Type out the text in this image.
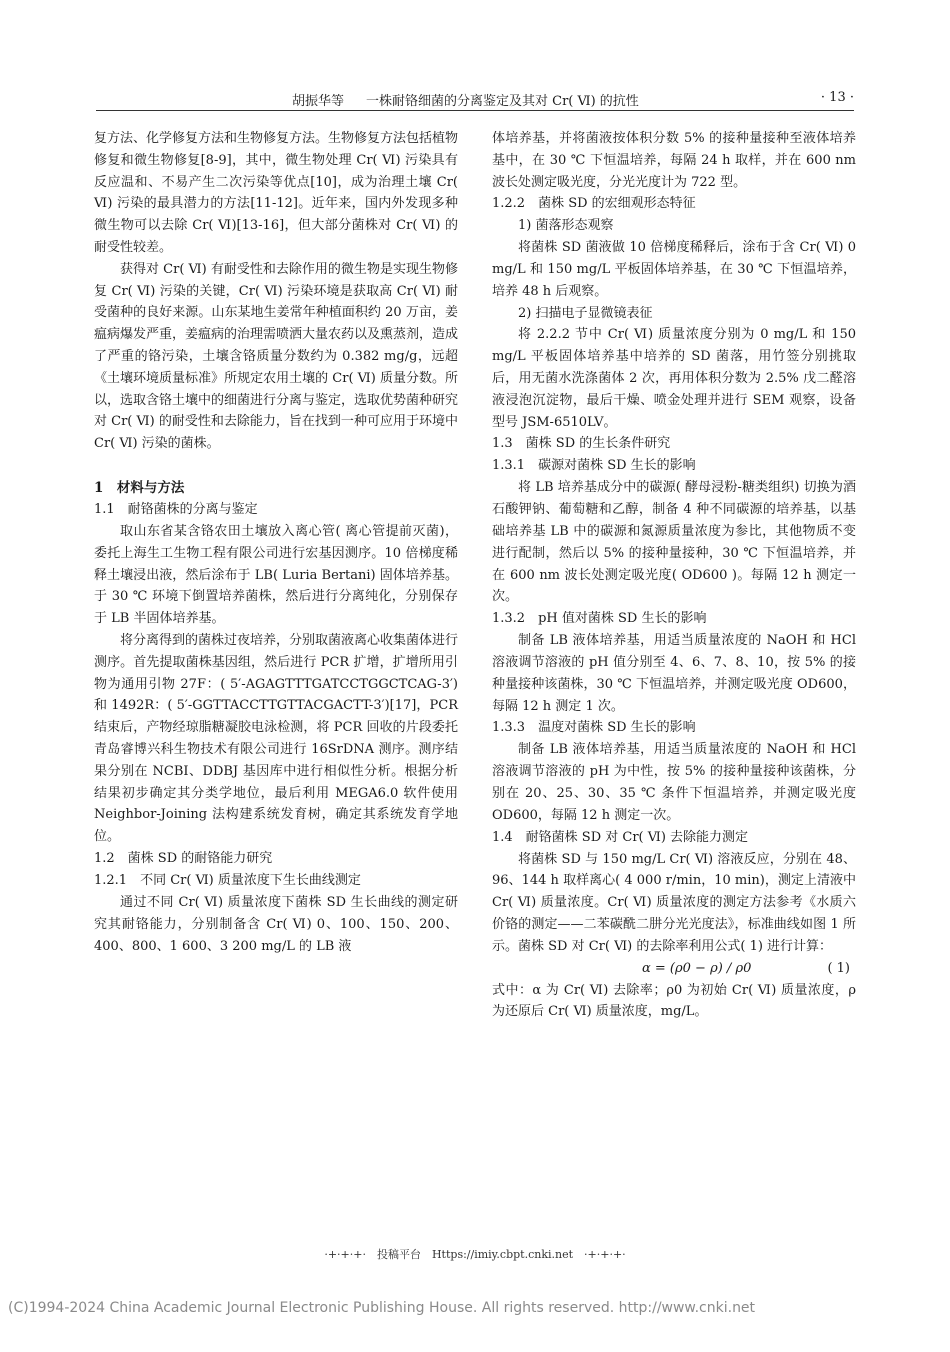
胡振华等 一株耐铬细菌的分离鉴定及其对 Cr( Ⅵ) 的抗性	· 13 ·

复方法、化学修复方法和生物修复方法。生物修复方法包括植物修复和微生物修复[8-9]，其中，微生物处理 Cr( Ⅵ) 污染具有反应温和、不易产生二次污染等优点[10]，成为治理土壤 Cr( Ⅵ) 污染的最具潜力的方法[11-12]。近年来，国内外发现多种微生物可以去除 Cr( Ⅵ)[13-16]，但大部分菌株对 Cr( Ⅵ) 的耐受性较差。

获得对 Cr( Ⅵ) 有耐受性和去除作用的微生物是实现生物修复 Cr( Ⅵ) 污染的关键，Cr( Ⅵ) 污染环境是获取高 Cr( Ⅵ) 耐受菌种的良好来源。山东某地生姜常年种植面积约 20 万亩，姜瘟病爆发严重，姜瘟病的治理需喷洒大量农药以及熏蒸剂，造成了严重的铬污染，土壤含铬质量分数约为 0.382 mg/g，远超《土壤环境质量标准》所规定农用土壤的 Cr( Ⅵ) 质量分数。所以，选取含铬土壤中的细菌进行分离与鉴定，选取优势菌种研究对 Cr( Ⅵ) 的耐受性和去除能力，旨在找到一种可应用于环境中 Cr( Ⅵ) 污染的菌株。

1　材料与方法

1.1　耐铬菌株的分离与鉴定

取山东省某含铬农田土壤放入离心管( 离心管提前灭菌)，委托上海生工生物工程有限公司进行宏基因测序。10 倍梯度稀释土壤浸出液，然后涂布于 LB( Luria Bertani) 固体培养基。于 30 ℃ 环境下倒置培养菌株，然后进行分离纯化，分别保存于 LB 半固体培养基。

将分离得到的菌株过夜培养，分别取菌液离心收集菌体进行测序。首先提取菌株基因组，然后进行 PCR 扩增，扩增所用引物为通用引物 27F：( 5′-AGAGTTTGATCCTGGCTCAG-3′) 和 1492R：( 5′-GGTTACCTTGTTACGACTT-3′)[17]，PCR 结束后，产物经琼脂糖凝胶电泳检测，将 PCR 回收的片段委托青岛睿博兴科生物技术有限公司进行 16SrDNA 测序。测序结果分别在 NCBI、DDBJ 基因库中进行相似性分析。根据分析结果初步确定其分类学地位，最后利用 MEGA6.0 软件使用 Neighbor-Joining 法构建系统发育树，确定其系统发育学地位。

1.2　菌株 SD 的耐铬能力研究

1.2.1　不同 Cr( Ⅵ) 质量浓度下生长曲线测定

通过不同 Cr( Ⅵ) 质量浓度下菌株 SD 生长曲线的测定研究其耐铬能力，分别制备含 Cr( Ⅵ) 0、100、150、200、400、800、1 600、3 200 mg/L 的 LB 液

体培养基，并将菌液按体积分数 5% 的接种量接种至液体培养基中，在 30 ℃ 下恒温培养，每隔 24 h 取样，并在 600 nm 波长处测定吸光度，分光光度计为 722 型。

1.2.2　菌株 SD 的宏细观形态特征

1) 菌落形态观察

将菌株 SD 菌液做 10 倍梯度稀释后，涂布于含 Cr( Ⅵ) 0 mg/L 和 150 mg/L 平板固体培养基，在 30 ℃ 下恒温培养，培养 48 h 后观察。

2) 扫描电子显微镜表征

将 2.2.2 节中 Cr( Ⅵ) 质量浓度分别为 0 mg/L 和 150 mg/L 平板固体培养基中培养的 SD 菌落，用竹签分别挑取后，用无菌水洗涤菌体 2 次，再用体积分数为 2.5% 戊二醛溶液浸泡沉淀物，最后干燥、喷金处理并进行 SEM 观察，设备型号 JSM-6510LV。

1.3　菌株 SD 的生长条件研究

1.3.1　碳源对菌株 SD 生长的影响

将 LB 培养基成分中的碳源( 酵母浸粉-糖类组织) 切换为酒石酸钾钠、葡萄糖和乙醇，制备 4 种不同碳源的培养基，以基础培养基 LB 中的碳源和氮源质量浓度为参比，其他物质不变进行配制，然后以 5% 的接种量接种，30 ℃ 下恒温培养，并在 600 nm 波长处测定吸光度( OD600 )。每隔 12 h 测定一次。

1.3.2　pH 值对菌株 SD 生长的影响

制备 LB 液体培养基，用适当质量浓度的 NaOH 和 HCl 溶液调节溶液的 pH 值分别至 4、6、7、8、10，按 5% 的接种量接种该菌株，30 ℃ 下恒温培养，并测定吸光度 OD600，每隔 12 h 测定 1 次。

1.3.3　温度对菌株 SD 生长的影响

制备 LB 液体培养基，用适当质量浓度的 NaOH 和 HCl 溶液调节溶液的 pH 为中性，按 5% 的接种量接种该菌株，分别在 20、25、30、35 ℃ 条件下恒温培养，并测定吸光度 OD600，每隔 12 h 测定一次。

1.4　耐铬菌株 SD 对 Cr( Ⅵ) 去除能力测定

将菌株 SD 与 150 mg/L Cr( Ⅵ) 溶液反应，分别在 48、96、144 h 取样离心( 4 000 r/min，10 min)，测定上清液中 Cr( Ⅵ) 质量浓度。Cr( Ⅵ) 质量浓度的测定方法参考《水质六价铬的测定——二苯碳酰二肼分光光度法》，标准曲线如图 1 所示。菌株 SD 对 Cr( Ⅵ) 的去除率利用公式( 1) 进行计算：

α = (ρ0 − ρ) / ρ0	( 1)

式中：α 为 Cr( Ⅵ) 去除率；ρ0 为初始 Cr( Ⅵ) 质量浓度，ρ 为还原后 Cr( Ⅵ) 质量浓度，mg/L。

·+·+·+·　投稿平台　Https://imiy.cbpt.cnki.net　·+·+·+·
(C)1994-2024 China Academic Journal Electronic Publishing House. All rights reserved. http://www.cnki.net
